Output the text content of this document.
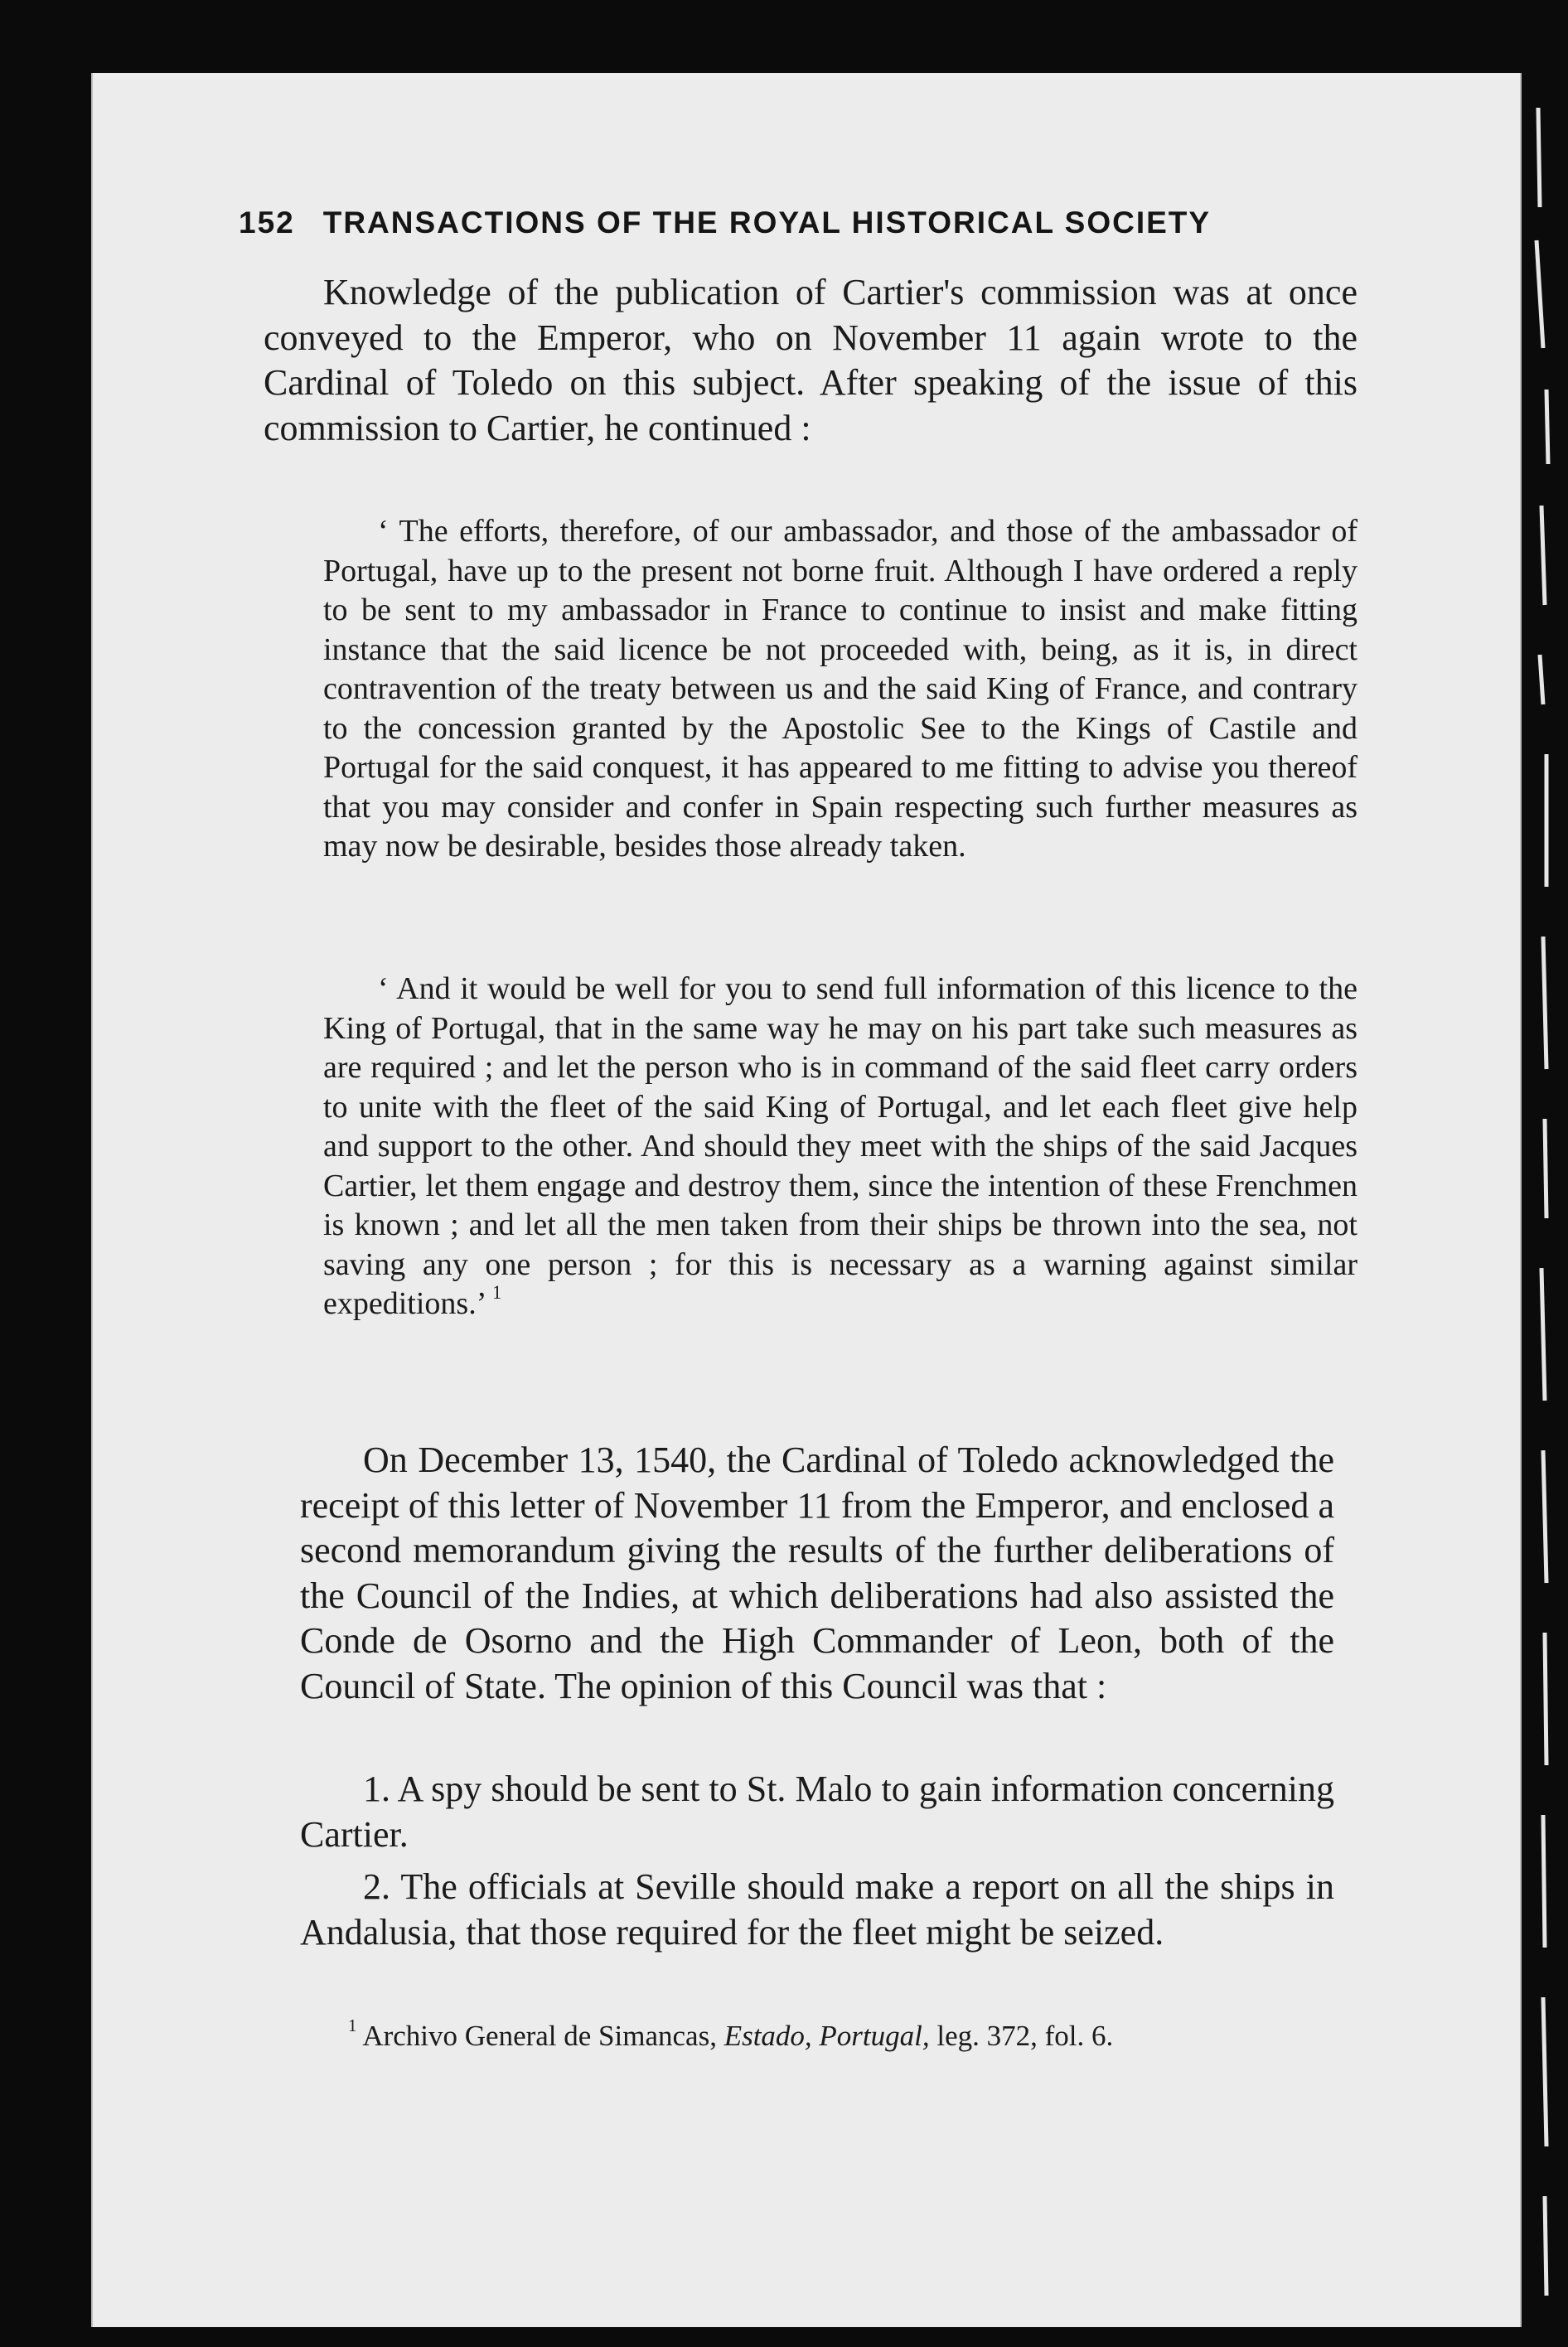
152 TRANSACTIONS OF THE ROYAL HISTORICAL SOCIETY

Knowledge of the publication of Cartier's commission was at once conveyed to the Emperor, who on November 11 again wrote to the Cardinal of Toledo on this subject. After speaking of the issue of this commission to Cartier, he continued :

‘ The efforts, therefore, of our ambassador, and those of the ambassador of Portugal, have up to the present not borne fruit. Although I have ordered a reply to be sent to my ambassador in France to continue to insist and make fitting instance that the said licence be not proceeded with, being, as it is, in direct contravention of the treaty between us and the said King of France, and contrary to the concession granted by the Apostolic See to the Kings of Castile and Portugal for the said conquest, it has appeared to me fitting to advise you thereof that you may consider and confer in Spain respecting such further measures as may now be desirable, besides those already taken.

‘ And it would be well for you to send full information of this licence to the King of Portugal, that in the same way he may on his part take such measures as are required ; and let the person who is in command of the said fleet carry orders to unite with the fleet of the said King of Portugal, and let each fleet give help and support to the other. And should they meet with the ships of the said Jacques Cartier, let them engage and destroy them, since the intention of these Frenchmen is known ; and let all the men taken from their ships be thrown into the sea, not saving any one person ; for this is necessary as a warning against similar expeditions.’ $^1$

On December 13, 1540, the Cardinal of Toledo acknowledged the receipt of this letter of November 11 from the Emperor, and enclosed a second memorandum giving the results of the further deliberations of the Council of the Indies, at which deliberations had also assisted the Conde de Osorno and the High Commander of Leon, both of the Council of State. The opinion of this Council was that :

1. A spy should be sent to St. Malo to gain information concerning Cartier.

2. The officials at Seville should make a report on all the ships in Andalusia, that those required for the fleet might be seized.

$^1$ Archivo General de Simancas, Estado, Portugal, leg. 372, fol. 6.
